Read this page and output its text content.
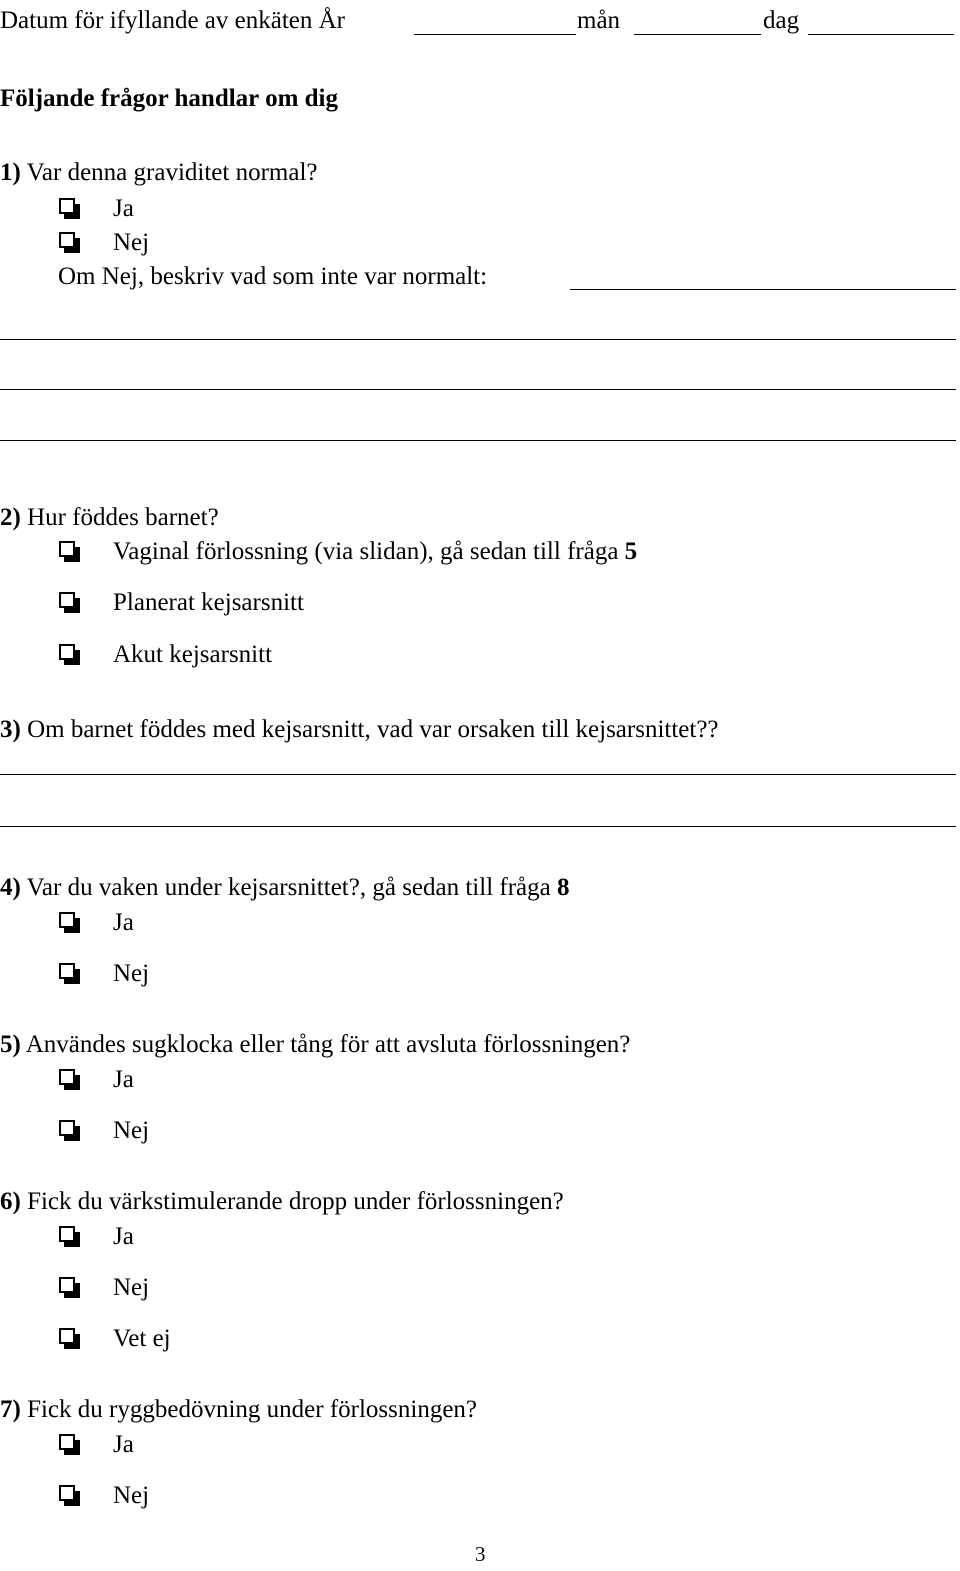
Datum för ifyllande av enkäten År	mån	dag
Följande frågor handlar om dig
1) Var denna graviditet normal?
Ja
Nej
Om Nej, beskriv vad som inte var normalt:
2) Hur föddes barnet?
Vaginal förlossning (via slidan), gå sedan till fråga 5
Planerat kejsarsnitt
Akut kejsarsnitt
3) Om barnet föddes med kejsarsnitt, vad var orsaken till kejsarsnittet??
4) Var du vaken under kejsarsnittet?, gå sedan till fråga 8
Ja
Nej
5) Användes sugklocka eller tång för att avsluta förlossningen?
Ja
Nej
6) Fick du värkstimulerande dropp under förlossningen?
Ja
Nej
Vet ej
7) Fick du ryggbedövning under förlossningen?
Ja
Nej
3
